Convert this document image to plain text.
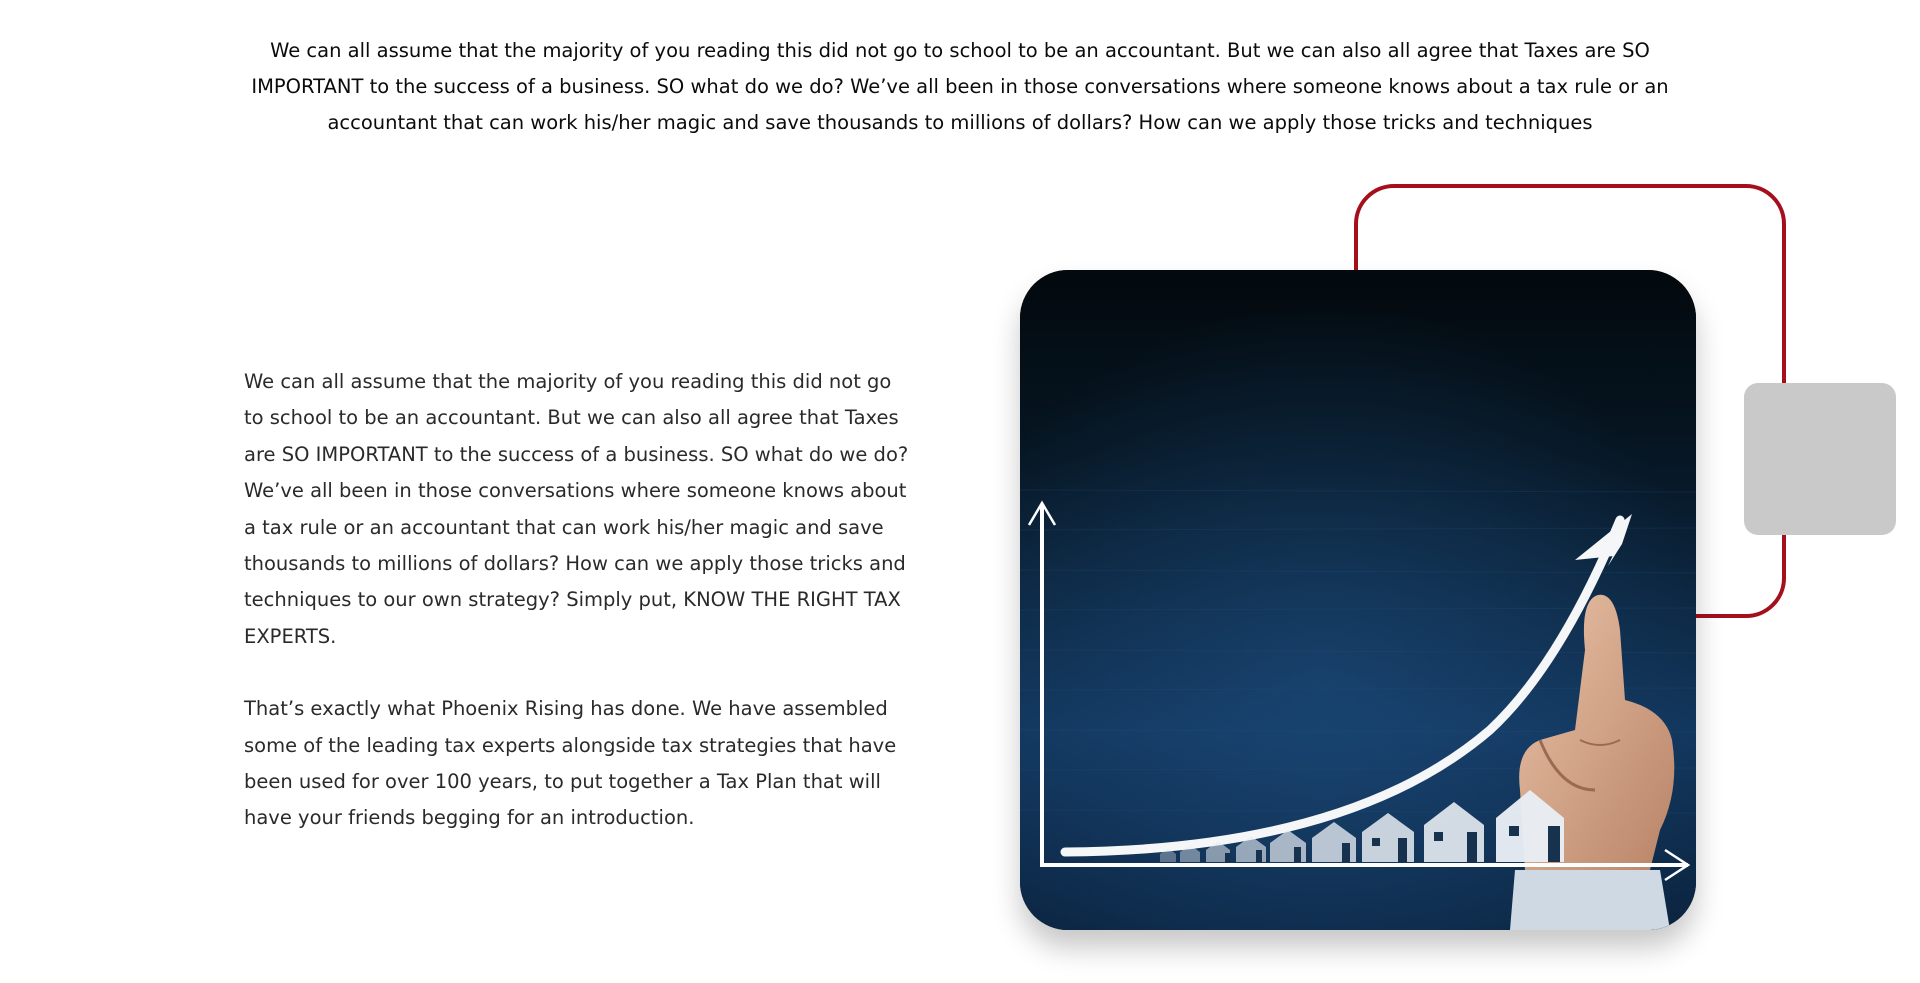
We can all assume that the majority of you reading this did not go to school to be an accountant. But we can also all agree that Taxes are SO IMPORTANT to the success of a business. SO what do we do? We’ve all been in those conversations where someone knows about a tax rule or an accountant that can work his/her magic and save thousands to millions of dollars? How can we apply those tricks and techniques

We can all assume that the majority of you reading this did not go to school to be an accountant. But we can also all agree that Taxes are SO IMPORTANT to the success of a business. SO what do we do? We’ve all been in those conversations where someone knows about a tax rule or an accountant that can work his/her magic and save thousands to millions of dollars? How can we apply those tricks and techniques to our own strategy? Simply put, KNOW THE RIGHT TAX EXPERTS.

That’s exactly what Phoenix Rising has done. We have assembled some of the leading tax experts alongside tax strategies that have been used for over 100 years, to put together a Tax Plan that will have your friends begging for an introduction.
